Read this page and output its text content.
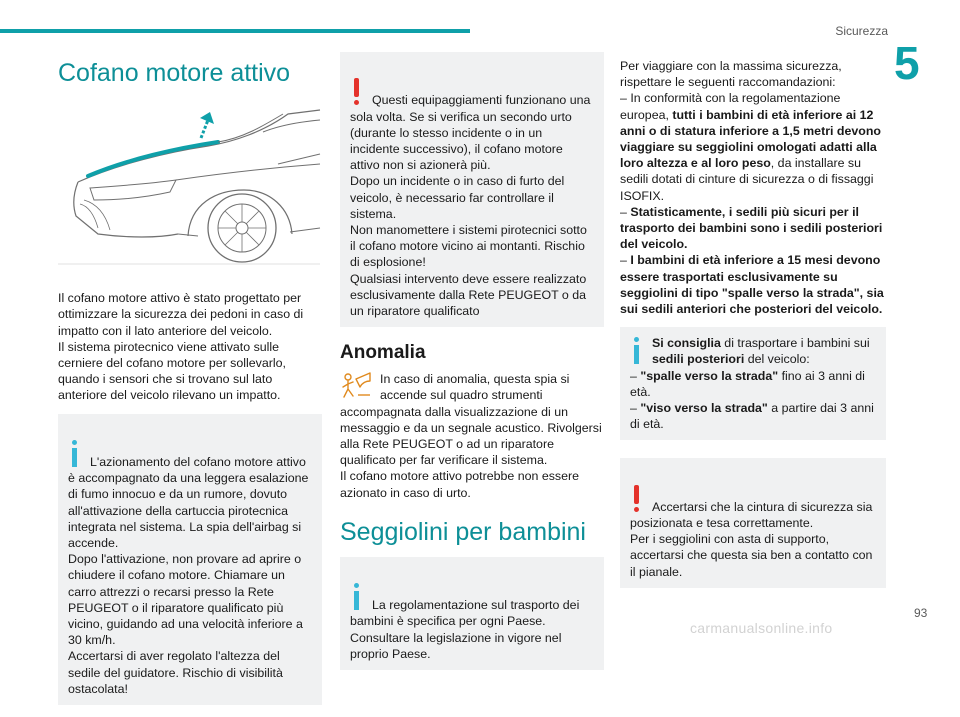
Sicurezza
5
Cofano motore attivo

Il cofano motore attivo è stato progettato per ottimizzare la sicurezza dei pedoni in caso di impatto con il lato anteriore del veicolo.
Il sistema pirotecnico viene attivato sulle cerniere del cofano motore per sollevarlo, quando i sensori che si trovano sul lato anteriore del veicolo rilevano un impatto.

L'azionamento del cofano motore attivo è accompagnato da una leggera esalazione di fumo innocuo e da un rumore, dovuto all'attivazione della cartuccia pirotecnica integrata nel sistema. La spia dell'airbag si accende.
Dopo l'attivazione, non provare ad aprire o chiudere il cofano motore. Chiamare un carro attrezzi o recarsi presso la Rete PEUGEOT o il riparatore qualificato più vicino, guidando ad una velocità inferiore a 30 km/h.
Accertarsi di aver regolato l'altezza del sedile del guidatore. Rischio di visibilità ostacolata!

Questi equipaggiamenti funzionano una sola volta. Se si verifica un secondo urto (durante lo stesso incidente o in un incidente successivo), il cofano motore attivo non si azionerà più.
Dopo un incidente o in caso di furto del veicolo, è necessario far controllare il sistema.
Non manomettere i sistemi pirotecnici sotto il cofano motore vicino ai montanti. Rischio di esplosione!
Qualsiasi intervento deve essere realizzato esclusivamente dalla Rete PEUGEOT o da un riparatore qualificato

Anomalia
In caso di anomalia, questa spia si accende sul quadro strumenti accompagnata dalla visualizzazione di un messaggio e da un segnale acustico. Rivolgersi alla Rete PEUGEOT o ad un riparatore qualificato per far verificare il sistema.
Il cofano motore attivo potrebbe non essere azionato in caso di urto.
Seggiolini per bambini

La regolamentazione sul trasporto dei bambini è specifica per ogni Paese. Consultare la legislazione in vigore nel proprio Paese.

Per viaggiare con la massima sicurezza, rispettare le seguenti raccomandazioni:

– In conformità con la regolamentazione europea, tutti i bambini di età inferiore ai 12 anni o di statura inferiore a 1,5 metri devono viaggiare su seggiolini omologati adatti alla loro altezza e al loro peso, da installare su sedili dotati di cinture di sicurezza o di fissaggi ISOFIX.

– Statisticamente, i sedili più sicuri per il trasporto dei bambini sono i sedili posteriori del veicolo.

– I bambini di età inferiore a 15 mesi devono essere trasportati esclusivamente su seggiolini di tipo "spalle verso la strada", sia sui sedili anteriori che posteriori del veicolo.

Si consiglia di trasportare i bambini sui sedili posteriori del veicolo:
– "spalle verso la strada" fino ai 3 anni di età.
– "viso verso la strada" a partire dai 3 anni di età.

Accertarsi che la cintura di sicurezza sia posizionata e tesa correttamente.
Per i seggiolini con asta di supporto, accertarsi che questa sia ben a contatto con il pianale.

93
carmanualsonline.info
